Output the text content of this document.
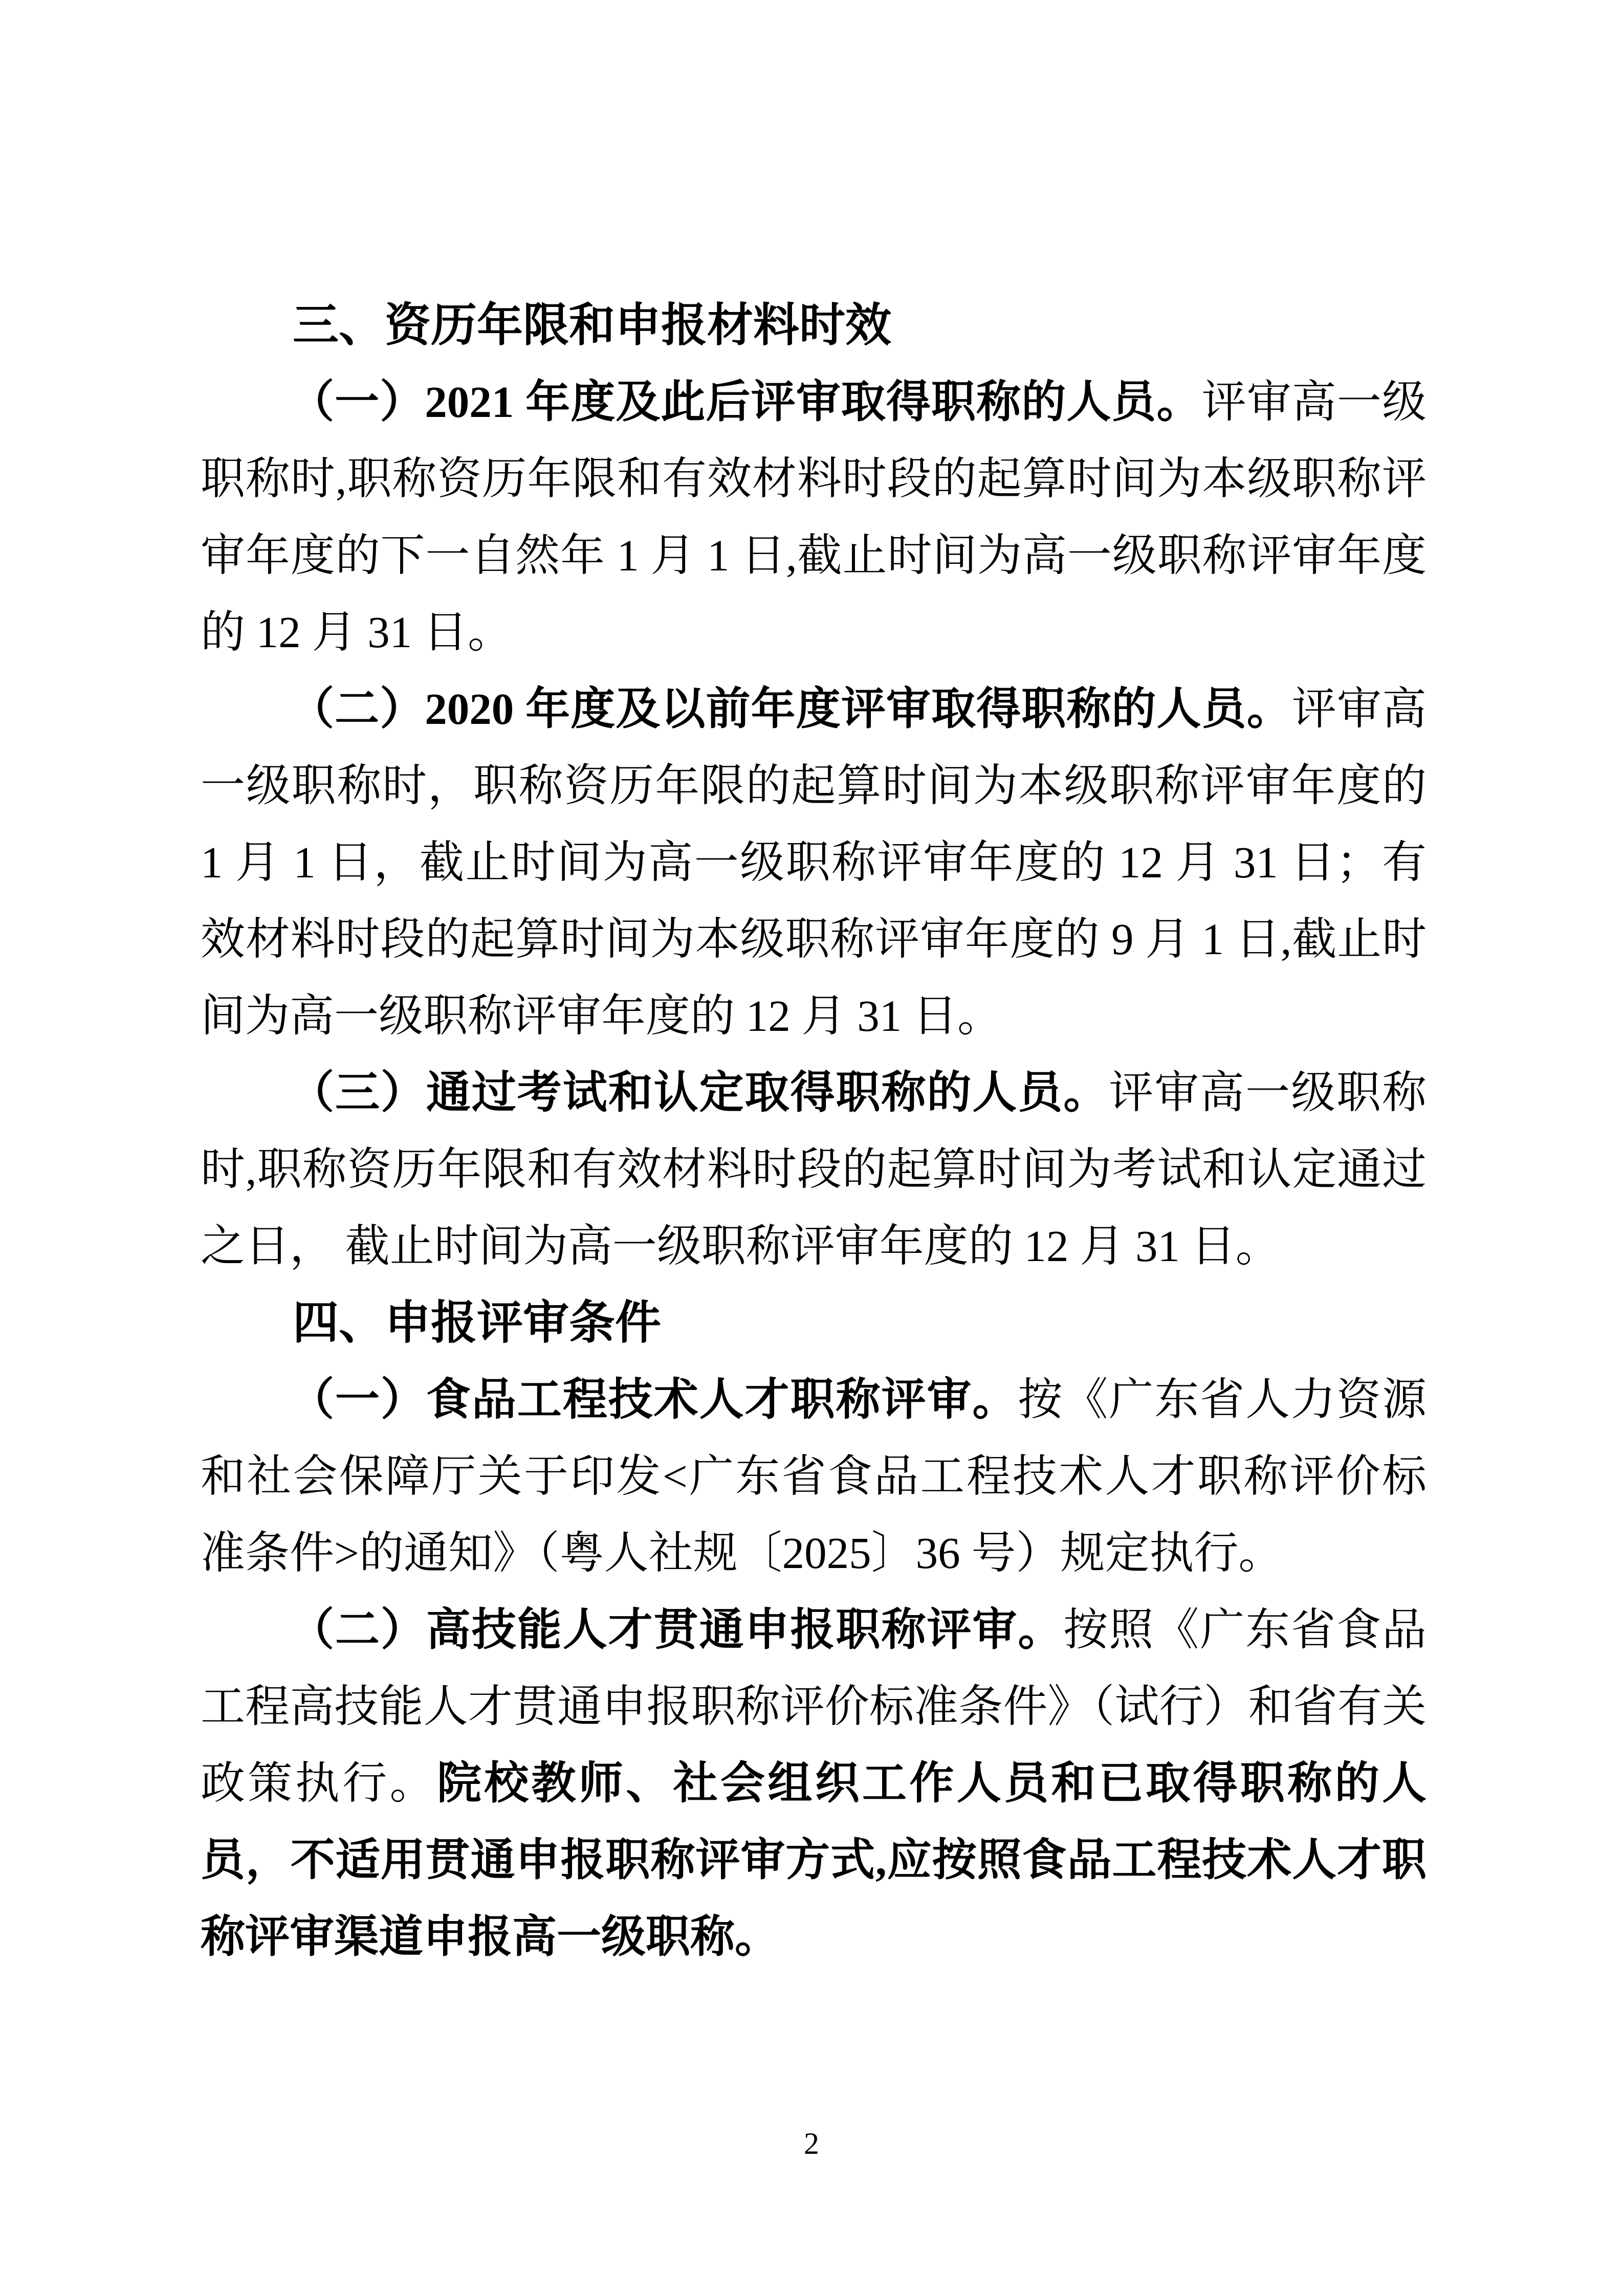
三、资历年限和申报材料时效

（一）2021 年度及此后评审取得职称的人员。评审高一级职称时,职称资历年限和有效材料时段的起算时间为本级职称评审年度的下一自然年 1 月 1 日,截止时间为高一级职称评审年度的 12 月 31 日。

（二）2020 年度及以前年度评审取得职称的人员。评审高一级职称时，职称资历年限的起算时间为本级职称评审年度的 1 月 1 日，截止时间为高一级职称评审年度的 12 月 31 日；有效材料时段的起算时间为本级职称评审年度的 9 月 1 日,截止时间为高一级职称评审年度的 12 月 31 日。

（三）通过考试和认定取得职称的人员。评审高一级职称时,职称资历年限和有效材料时段的起算时间为考试和认定通过之日， 截止时间为高一级职称评审年度的 12 月 31 日。

四、申报评审条件

（一）食品工程技术人才职称评审。按《广东省人力资源和社会保障厅关于印发<广东省食品工程技术人才职称评价标准条件>的通知》（粤人社规〔2025〕36 号）规定执行。

（二）高技能人才贯通申报职称评审。按照《广东省食品工程高技能人才贯通申报职称评价标准条件》（试行）和省有关政策执行。院校教师、社会组织工作人员和已取得职称的人员，不适用贯通申报职称评审方式,应按照食品工程技术人才职称评审渠道申报高一级职称。

2
